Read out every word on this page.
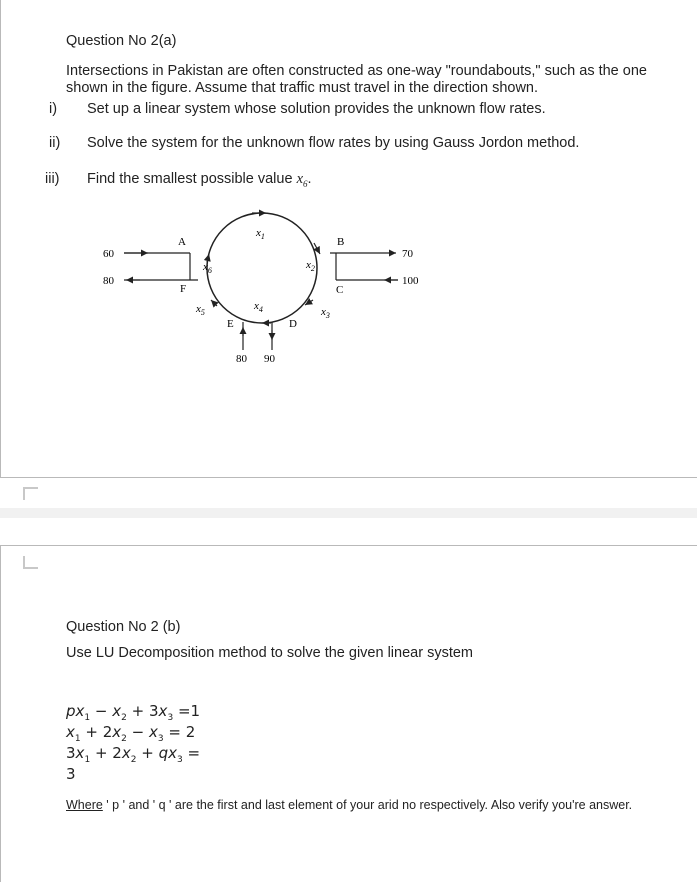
Question No 2(a)
Intersections in Pakistan are often constructed as one-way "roundabouts," such as the one shown in the figure. Assume that traffic must travel in the direction shown.
i) Set up a linear system whose solution provides the unknown flow rates.
ii) Solve the system for the unknown flow rates by using Gauss Jordon method.
iii) Find the smallest possible value $x_6$.
A	B
C
D
E
F
$x_1$
$x_2$
$x_3$
$x_4$
$x_5$
$x_6$
60
80
70
100
80 90
Question No 2 (b)
Use LU Decomposition method to solve the given linear system
$px_1 - x_2 + 3x_3 =1$
$x_1 + 2x_2 - x_3 = 2$
$3x_1 + 2x_2 + qx_3$ =
3
Where ' p ' and ' q ' are the first and last element of your arid no respectively. Also verify you're answer.
